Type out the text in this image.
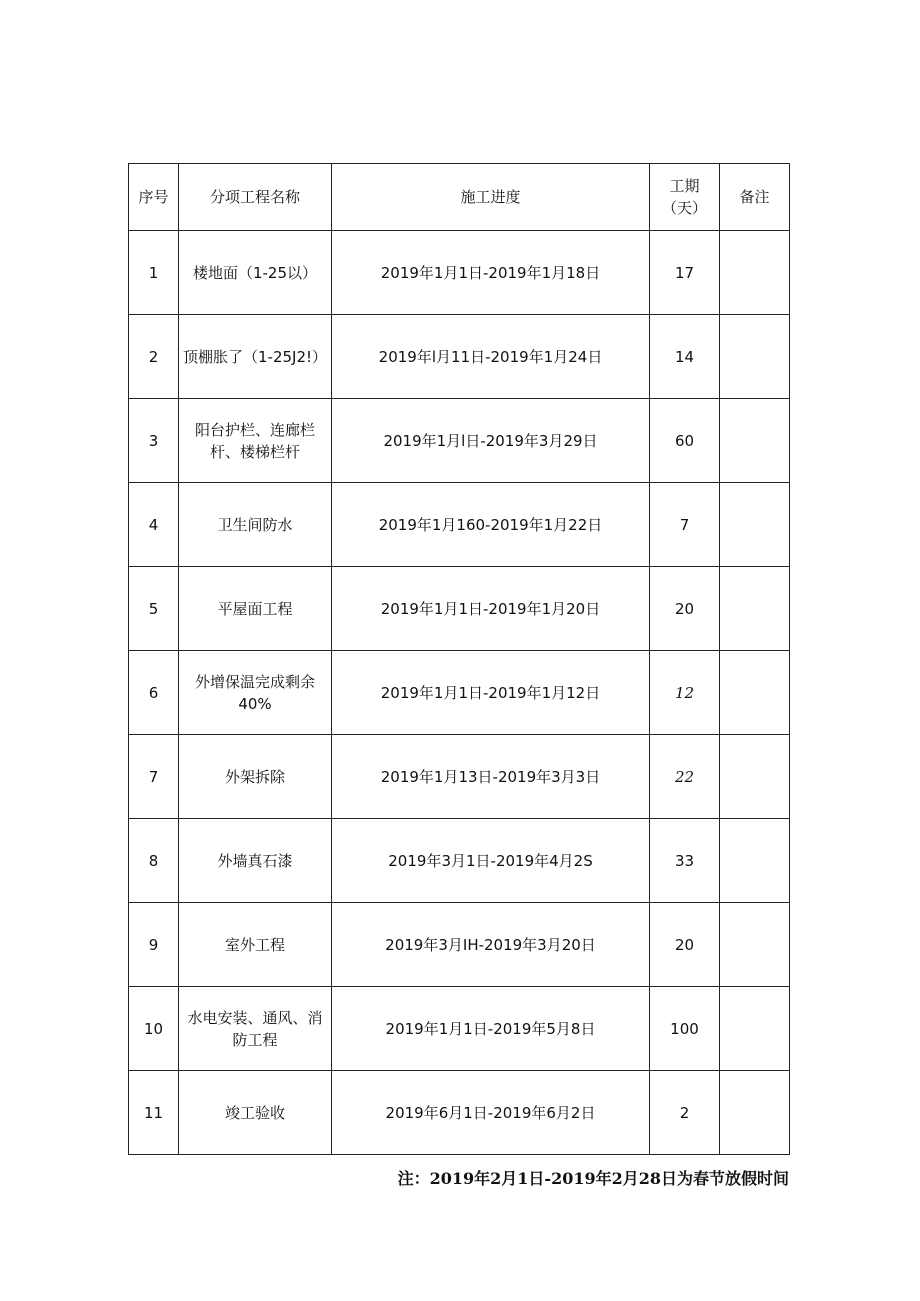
序号	分项工程名称	施工进度	工期（天）	备注
1	楼地面（1-25以）	2019年1月1日-2019年1月18日	17	
2	顶棚胀了（1-25J2!）	2019年l月11日-2019年1月24日	14	
3	阳台护栏、连廊栏杆、楼梯栏杆	2019年1月l日-2019年3月29日	60	
4	卫生间防水	2019年1月160-2019年1月22日	7	
5	平屋面工程	2019年1月1日-2019年1月20日	20	
6	外增保温完成剩余40%	2019年1月1日-2019年1月12日	12	
7	外架拆除	2019年1月13日-2019年3月3日	22	
8	外墙真石漆	2019年3月1日-2019年4月2S	33	
9	室外工程	2019年3月IH-2019年3月20日	20	
10	水电安装、通风、消防工程	2019年1月1日-2019年5月8日	100	
11	竣工验收	2019年6月1日-2019年6月2日	2	
注：2019年2月1日-2019年2月28日为春节放假时间
